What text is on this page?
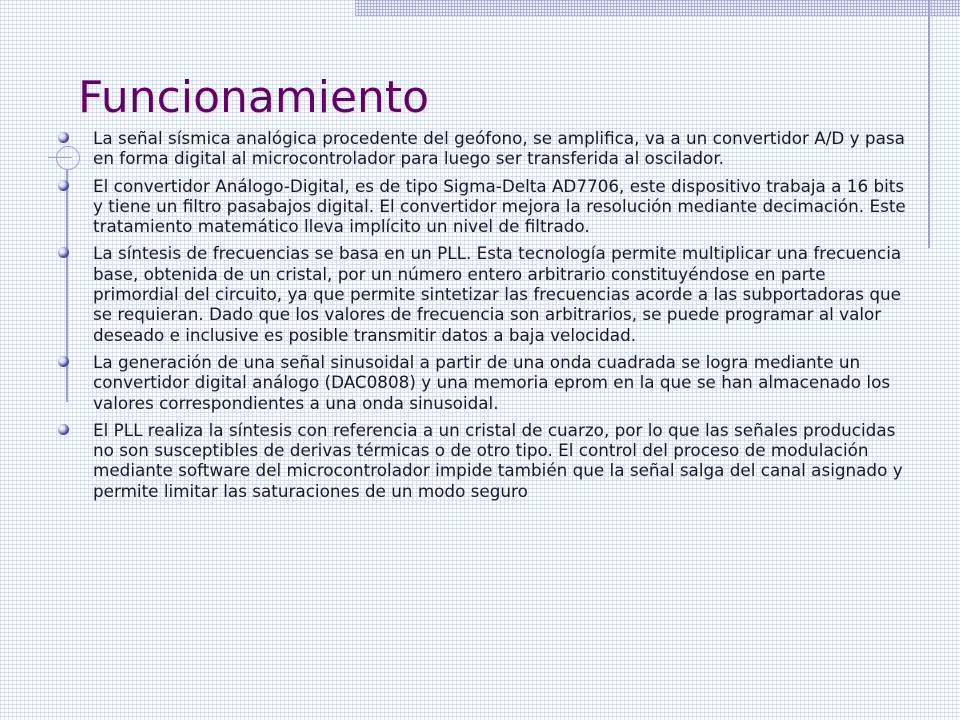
La señal sísmica analógica procedente del geófono, se amplifica, va a un convertidor A/D y pasa en forma digital al microcontrolador para luego ser transferida al oscilador.
El convertidor Análogo-Digital, es de tipo Sigma-Delta AD7706, este dispositivo trabaja a 16 bits y tiene un filtro pasabajos digital. El convertidor mejora la resolución mediante decimación. Este tratamiento matemático lleva implícito un nivel de filtrado.
La síntesis de frecuencias se basa en un PLL. Esta tecnología permite multiplicar una frecuencia base, obtenida de un cristal, por un número entero arbitrario constituyéndose en parte primordial del circuito, ya que permite sintetizar las frecuencias acorde a las subportadoras que se requieran. Dado que los valores de frecuencia son arbitrarios, se puede programar al valor deseado e inclusive es posible transmitir datos a baja velocidad.
La generación de una señal sinusoidal a partir de una onda cuadrada se logra mediante un convertidor digital análogo (DAC0808) y una memoria eprom en la que se han almacenado los valores correspondientes a una onda sinusoidal.
El PLL realiza la síntesis con referencia a un cristal de cuarzo, por lo que las señales producidas no son susceptibles de derivas térmicas o de otro tipo. El control del proceso de modulación mediante software del microcontrolador impide también que la señal salga del canal asignado y permite limitar las saturaciones de un modo seguro
Funcionamiento
